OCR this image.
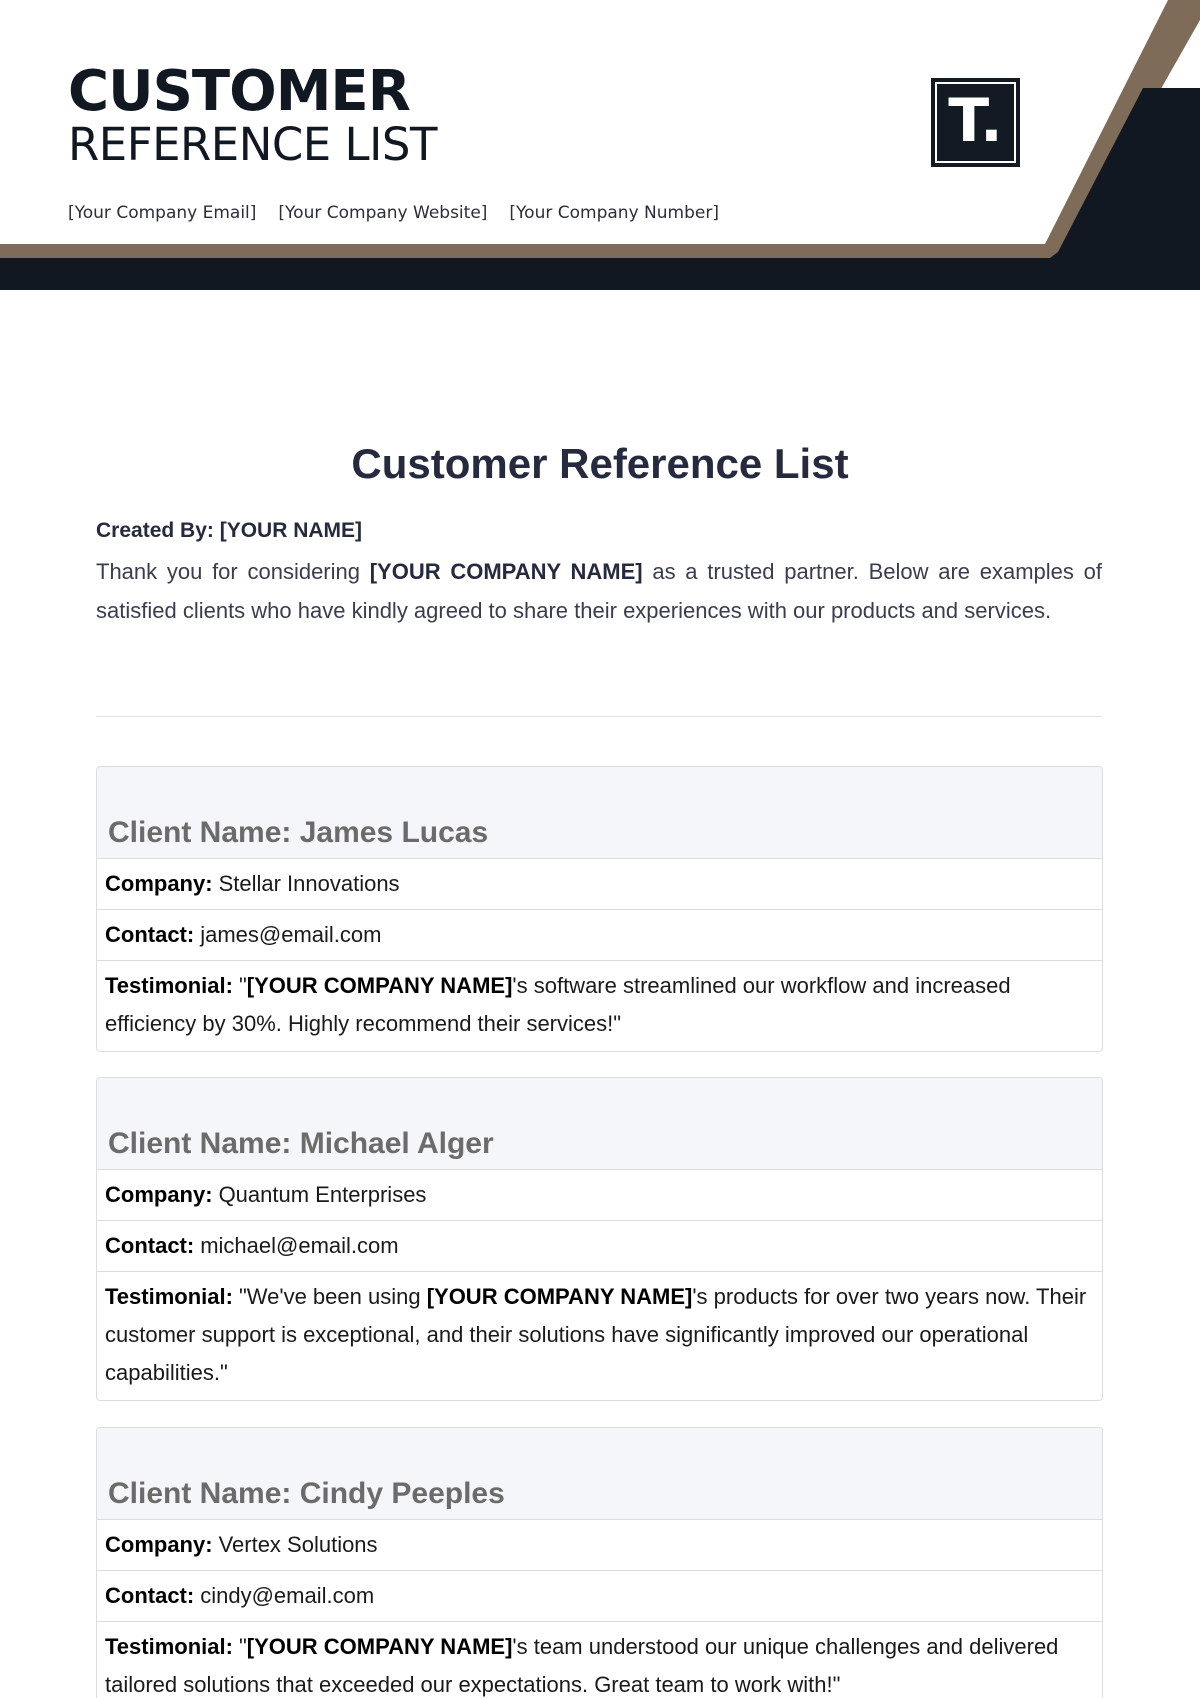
CUSTOMER
REFERENCE LIST
[Your Company Email] [Your Company Website] [Your Company Number]
T.
Customer Reference List
Created By: [YOUR NAME]

Thank you for considering [YOUR COMPANY NAME] as a trusted partner. Below are examples of satisfied clients who have kindly agreed to share their experiences with our products and services.

Client Name: James Lucas
Company: Stellar Innovations
Contact: james@email.com
Testimonial: "[YOUR COMPANY NAME]'s software streamlined our workflow and increased efficiency by 30%. Highly recommend their services!"
Client Name: Michael Alger
Company: Quantum Enterprises
Contact: michael@email.com
Testimonial: "We've been using [YOUR COMPANY NAME]'s products for over two years now. Their customer support is exceptional, and their solutions have significantly improved our operational capabilities."
Client Name: Cindy Peeples
Company: Vertex Solutions
Contact: cindy@email.com
Testimonial: "[YOUR COMPANY NAME]'s team understood our unique challenges and delivered tailored solutions that exceeded our expectations. Great team to work with!"
